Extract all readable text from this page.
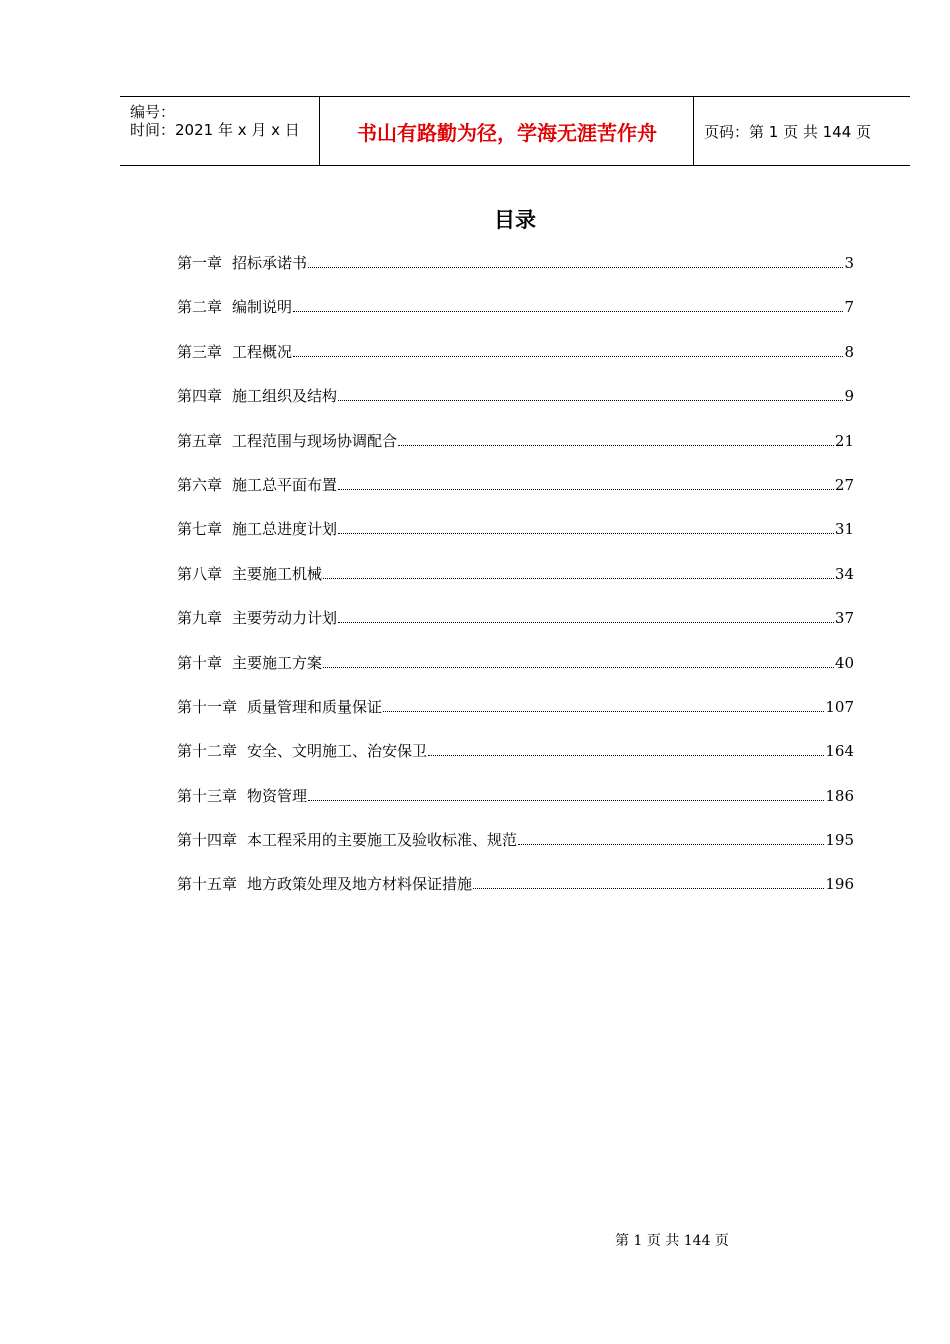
编号：
时间：2021 年 x 月 x 日	书山有路勤为径，学海无涯苦作舟	页码：第 1 页 共 144 页
目录
第一章 招标承诺书	3
第二章 编制说明	7
第三章 工程概况	8
第四章 施工组织及结构	9
第五章 工程范围与现场协调配合	21
第六章 施工总平面布置	27
第七章 施工总进度计划	31
第八章 主要施工机械	34
第九章 主要劳动力计划	37
第十章 主要施工方案	40
第十一章 质量管理和质量保证	107
第十二章 安全、文明施工、治安保卫	164
第十三章 物资管理	186
第十四章 本工程采用的主要施工及验收标准、规范	195
第十五章 地方政策处理及地方材料保证措施	196
第 1 页 共 144 页
